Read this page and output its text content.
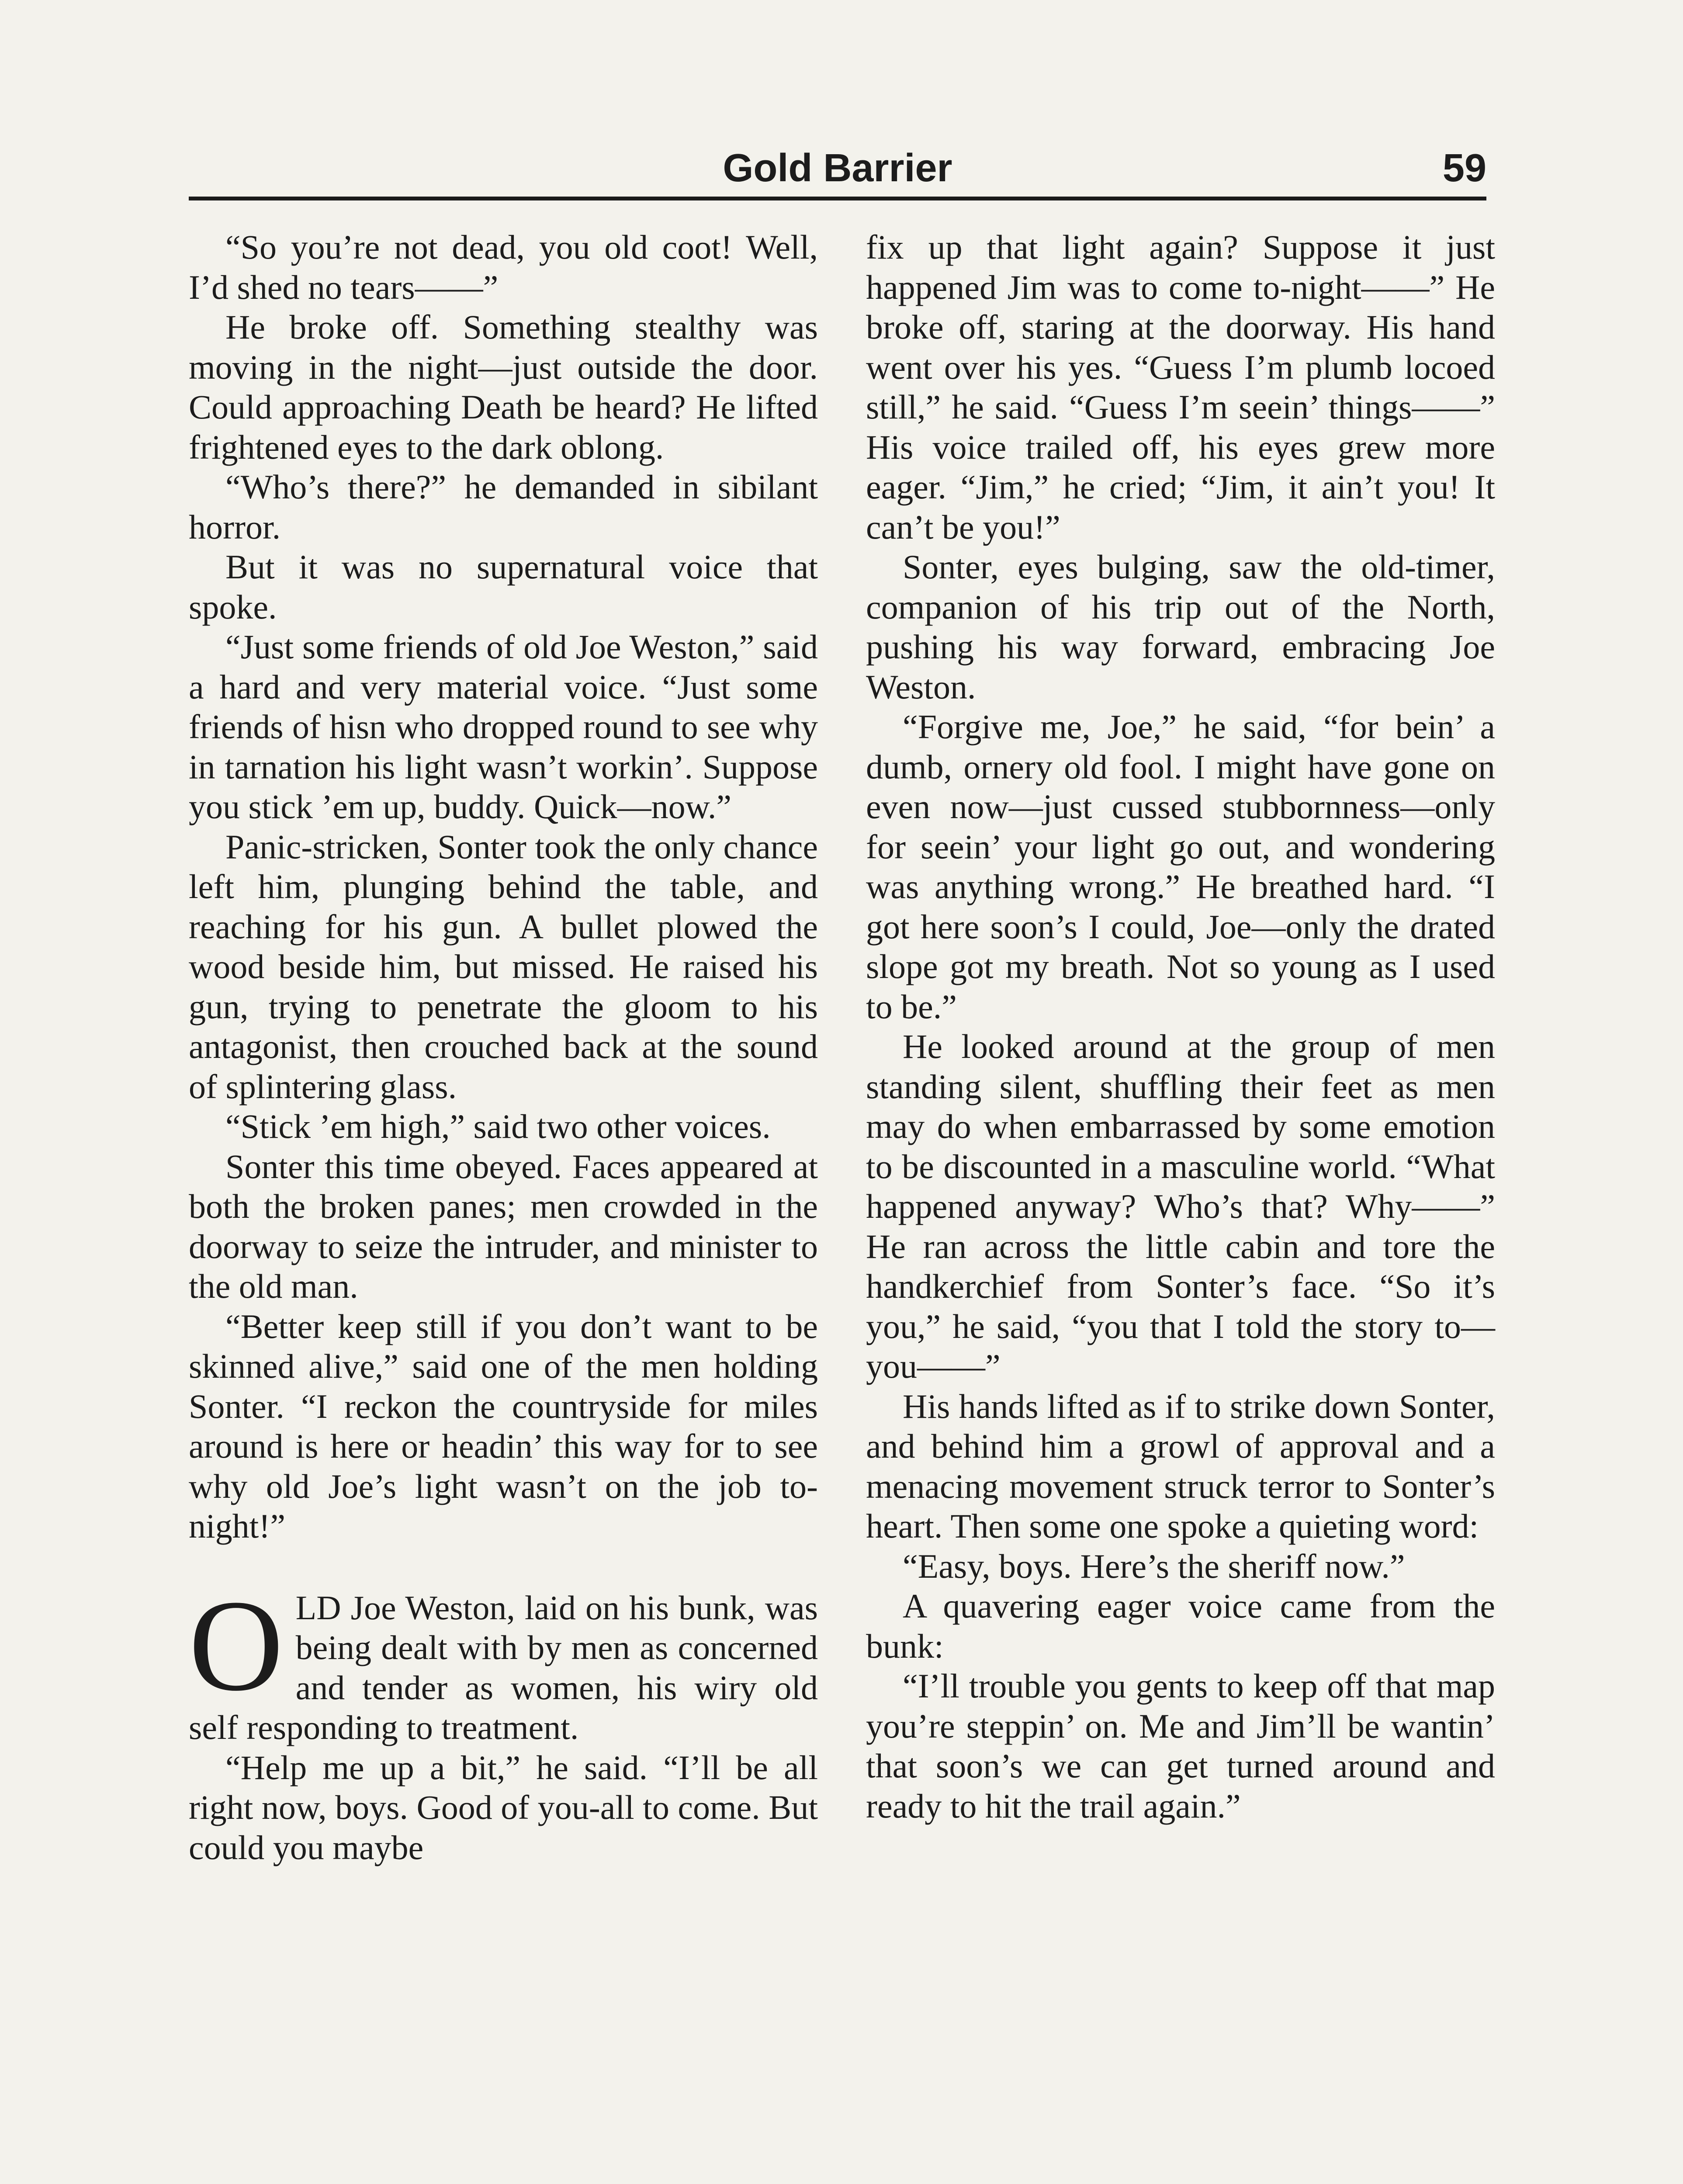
Gold Barrier	59

“So you’re not dead, you old coot! Well, I’d shed no tears——”

He broke off. Something stealthy was moving in the night—just outside the door. Could approaching Death be heard? He lifted frightened eyes to the dark oblong.

“Who’s there?” he demanded in sibilant horror.

But it was no supernatural voice that spoke.

“Just some friends of old Joe Weston,” said a hard and very material voice. “Just some friends of hisn who dropped round to see why in tarnation his light wasn’t workin’. Suppose you stick ’em up, buddy. Quick—now.”

Panic-stricken, Sonter took the only chance left him, plunging behind the table, and reaching for his gun. A bullet plowed the wood beside him, but missed. He raised his gun, trying to penetrate the gloom to his antagonist, then crouched back at the sound of splintering glass.

“Stick ’em high,” said two other voices.

Sonter this time obeyed. Faces appeared at both the broken panes; men crowded in the doorway to seize the intruder, and minister to the old man.

“Better keep still if you don’t want to be skinned alive,” said one of the men holding Sonter. “I reckon the countryside for miles around is here or headin’ this way for to see why old Joe’s light wasn’t on the job to-night!”

OLD Joe Weston, laid on his bunk, was being dealt with by men as concerned and tender as women, his wiry old self responding to treatment.

“Help me up a bit,” he said. “I’ll be all right now, boys. Good of you-all to come. But could you maybe

fix up that light again? Suppose it just happened Jim was to come to-night——” He broke off, staring at the doorway. His hand went over his yes. “Guess I’m plumb locoed still,” he said. “Guess I’m seein’ things——” His voice trailed off, his eyes grew more eager. “Jim,” he cried; “Jim, it ain’t you! It can’t be you!”

Sonter, eyes bulging, saw the old-timer, companion of his trip out of the North, pushing his way forward, embracing Joe Weston.

“Forgive me, Joe,” he said, “for bein’ a dumb, ornery old fool. I might have gone on even now—just cussed stubbornness—only for seein’ your light go out, and wondering was anything wrong.” He breathed hard. “I got here soon’s I could, Joe—only the drated slope got my breath. Not so young as I used to be.”

He looked around at the group of men standing silent, shuffling their feet as men may do when embarrassed by some emotion to be discounted in a masculine world. “What happened anyway? Who’s that? Why——” He ran across the little cabin and tore the handkerchief from Sonter’s face. “So it’s you,” he said, “you that I told the story to—you——”

His hands lifted as if to strike down Sonter, and behind him a growl of approval and a menacing movement struck terror to Sonter’s heart. Then some one spoke a quieting word:

“Easy, boys. Here’s the sheriff now.”

A quavering eager voice came from the bunk:

“I’ll trouble you gents to keep off that map you’re steppin’ on. Me and Jim’ll be wantin’ that soon’s we can get turned around and ready to hit the trail again.”
